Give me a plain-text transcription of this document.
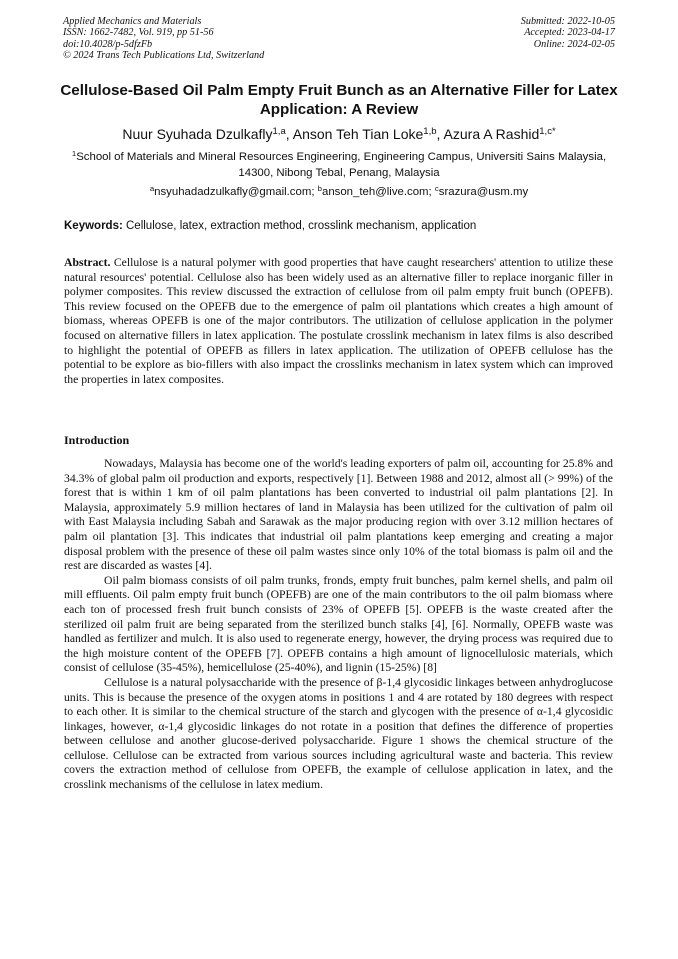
Applied Mechanics and Materials
ISSN: 1662-7482, Vol. 919, pp 51-56
doi:10.4028/p-5dfzFb
© 2024 Trans Tech Publications Ltd, Switzerland
Submitted: 2022-10-05
Accepted: 2023-04-17
Online: 2024-02-05
Cellulose-Based Oil Palm Empty Fruit Bunch as an Alternative Filler for Latex Application: A Review
Nuur Syuhada Dzulkafly$^{1,a}$, Anson Teh Tian Loke$^{1,b}$, Azura A Rashid$^{1,c*}$
$^1$School of Materials and Mineral Resources Engineering, Engineering Campus, Universiti Sains Malaysia, 14300, Nibong Tebal, Penang, Malaysia
$^a$nsyuhadadzulkafly@gmail.com; $^b$anson_teh@live.com; $^c$srazura@usm.my
Keywords: Cellulose, latex, extraction method, crosslink mechanism, application
Abstract. Cellulose is a natural polymer with good properties that have caught researchers' attention to utilize these natural resources' potential. Cellulose also has been widely used as an alternative filler to replace inorganic filler in polymer composites. This review discussed the extraction of cellulose from oil palm empty fruit bunch (OPEFB). This review focused on the OPEFB due to the emergence of palm oil plantations which creates a high amount of biomass, whereas OPEFB is one of the major contributors. The utilization of cellulose application in the polymer focused on alternative fillers in latex application. The postulate crosslink mechanism in latex films is also described to highlight the potential of OPEFB as fillers in latex application. The utilization of OPEFB cellulose has the potential to be explore as bio-fillers with also impact the crosslinks mechanism in latex system which can improved the properties in latex composites.
Introduction

Nowadays, Malaysia has become one of the world's leading exporters of palm oil, accounting for 25.8% and 34.3% of global palm oil production and exports, respectively [1]. Between 1988 and 2012, almost all (> 99%) of the forest that is within 1 km of oil palm plantations has been converted to industrial oil palm plantations [2]. In Malaysia, approximately 5.9 million hectares of land in Malaysia has been utilized for the cultivation of palm oil with East Malaysia including Sabah and Sarawak as the major producing region with over 3.12 million hectares of palm oil plantation [3]. This indicates that industrial oil palm plantations keep emerging and creating a major disposal problem with the presence of these oil palm wastes since only 10% of the total biomass is palm oil and the rest are discarded as wastes [4].

Oil palm biomass consists of oil palm trunks, fronds, empty fruit bunches, palm kernel shells, and palm oil mill effluents. Oil palm empty fruit bunch (OPEFB) are one of the main contributors to the oil palm biomass where each ton of processed fresh fruit bunch consists of 23% of OPEFB [5]. OPEFB is the waste created after the sterilized oil palm fruit are being separated from the sterilized bunch stalks [4], [6]. Normally, OPEFB waste was handled as fertilizer and mulch. It is also used to regenerate energy, however, the drying process was required due to the high moisture content of the OPEFB [7]. OPEFB contains a high amount of lignocellulosic materials, which consist of cellulose (35-45%), hemicellulose (25-40%), and lignin (15-25%) [8]

Cellulose is a natural polysaccharide with the presence of β-1,4 glycosidic linkages between anhydroglucose units. This is because the presence of the oxygen atoms in positions 1 and 4 are rotated by 180 degrees with respect to each other. It is similar to the chemical structure of the starch and glycogen with the presence of α-1,4 glycosidic linkages, however, α-1,4 glycosidic linkages do not rotate in a position that defines the difference of properties between cellulose and another glucose-derived polysaccharide. Figure 1 shows the chemical structure of the cellulose. Cellulose can be extracted from various sources including agricultural waste and bacteria. This review covers the extraction method of cellulose from OPEFB, the example of cellulose application in latex, and the crosslink mechanisms of the cellulose in latex medium.
